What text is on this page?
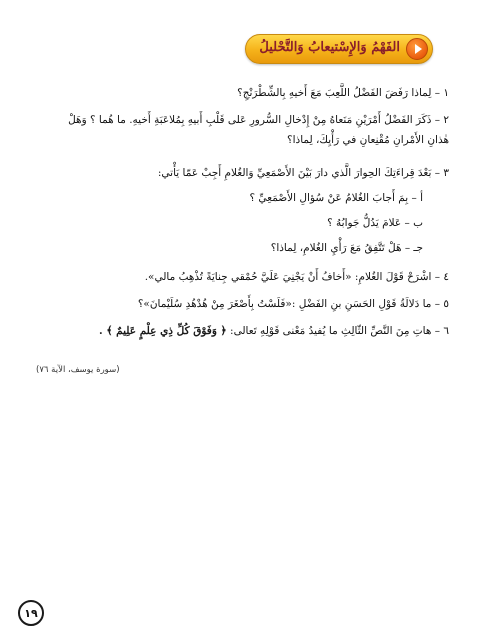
الفَهْمُ وَالإِسْتيعابُ وَالتَّحْليلُ
١ – لِماذا رَفَضَ الفَضْلُ اللَّعِبَ مَعَ أَخيهِ بِالشِّطْرَنْجِ؟
٢ – ذَكَرَ الفَضْلُ أَمْرَيْنِ مَنَعاهُ مِنْ إِدْخالِ السُّرورِ عَلى قَلْبِ أَبيهِ بِمُلاعَبَةِ أَخيهِ. ما هُما ؟ وَهَلْ
هٰذانِ الأَمْرانِ مُقْنِعانِ في رَأْيِكَ، لِماذا؟
٣ – بَعْدَ قِراءَتِكَ الحِوارَ الَّذي دارَ بَيْنَ الأَصْمَعِيِّ وَالغُلامِ أَجِبْ عَمّا يَأْتي:
أ – بِمَ أَجابَ الغُلامُ عَنْ سُؤالِ الأَصْمَعِيِّ ؟
ب – عَلامَ يَدُلُّ جَوابُهُ ؟
جـ – هَلْ تَتَّفِقُ مَعَ رَأْيِ الغُلامِ، لِماذا؟
٤ – اشْرَحْ قَوْلَ الغُلامِ: «أَخافُ أَنْ يَجْنِيَ عَلَيَّ حُمْقي جِنايَةً تُذْهِبُ مالي».
٥ – ما دَلالَةُ قَوْلِ الحَسَنِ بنِ الفَضْلِ :«فَلَسْتُ بِأَصْغَرَ مِنْ هُدْهُدِ سُلَيْمانَ»؟
٦ – هاتِ مِنَ النَّصِّ الثّالِثِ ما يُفيدُ مَعْنى قَوْلِهِ تَعالى: ﴿ وَفَوْقَ كُلِّ ذِي عِلْمٍ عَلِيمٌ ﴾ .
(سورة يوسف، الآية ٧٦)
١٩
